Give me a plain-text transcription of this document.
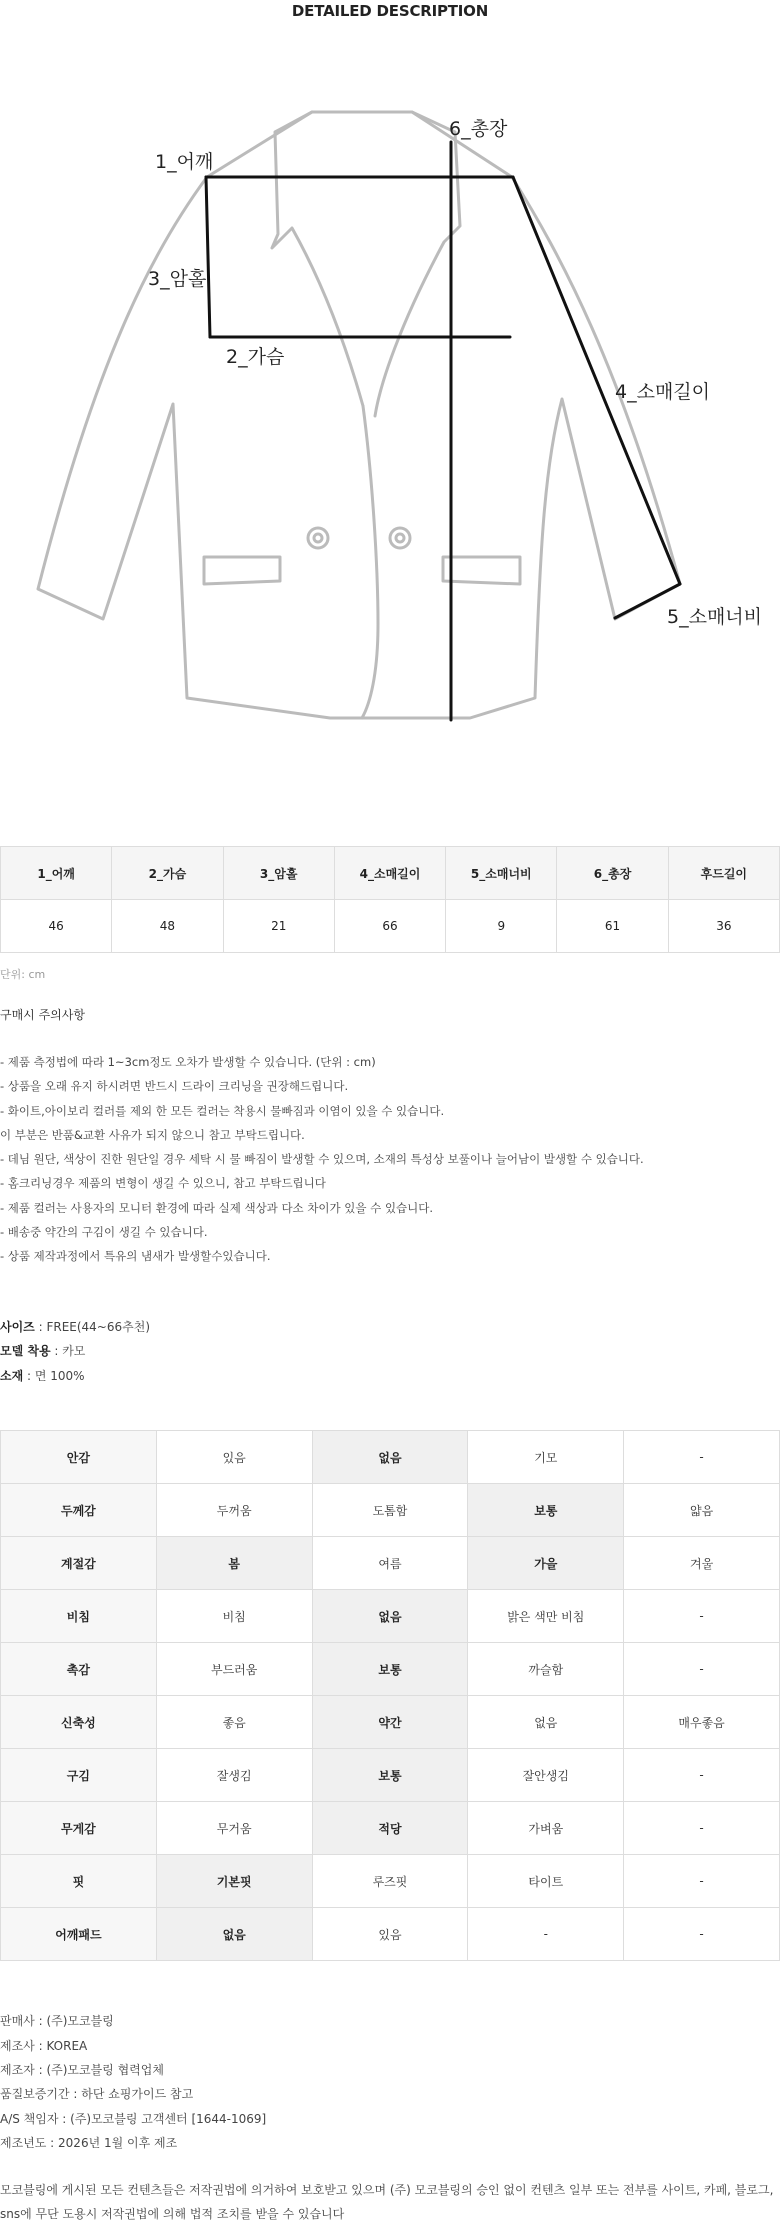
DETAILED DESCRIPTION
1_어깨
6_총장
3_암홀
2_가슴
4_소매길이
5_소매너비
1_어깨	2_가슴	3_암홀	4_소매길이	5_소매너비	6_총장	후드길이
46	48	21	66	9	61	36
단위: cm
구매시 주의사항
- 제품 측정법에 따라 1~3cm정도 오차가 발생할 수 있습니다. (단위 : cm)
- 상품을 오래 유지 하시려면 반드시 드라이 크리닝을 권장해드립니다.
- 화이트,아이보리 컬러를 제외 한 모든 컬러는 착용시 물빠짐과 이염이 있을 수 있습니다.
이 부분은 반품&교환 사유가 되지 않으니 참고 부탁드립니다.
- 데님 원단, 색상이 진한 원단일 경우 세탁 시 물 빠짐이 발생할 수 있으며, 소재의 특성상 보풀이나 늘어남이 발생할 수 있습니다.
- 홈크리닝경우 제품의 변형이 생길 수 있으니, 참고 부탁드립니다
- 제품 컬러는 사용자의 모니터 환경에 따라 실제 색상과 다소 차이가 있을 수 있습니다.
- 배송중 약간의 구김이 생길 수 있습니다.
- 상품 제작과정에서 특유의 냄새가 발생할수있습니다.
사이즈 : FREE(44~66추천)
모델 착용 : 카모
소재 : 면 100%
안감	있음	없음	기모	-
두께감	두꺼움	도톰함	보통	얇음
계절감	봄	여름	가을	겨울
비침	비침	없음	밝은 색만 비침	-
촉감	부드러움	보통	까슬함	-
신축성	좋음	약간	없음	매우좋음
구김	잘생김	보통	잘안생김	-
무게감	무거움	적당	가벼움	-
핏	기본핏	루즈핏	타이트	-
어깨패드	없음	있음	-	-
판매사 : (주)모코블링
제조사 : KOREA
제조자 : (주)모코블링 협력업체
품질보증기간 : 하단 쇼핑가이드 참고
A/S 책임자 : (주)모코블링 고객센터 [1644-1069]
제조년도 : 2026년 1월 이후 제조
모코블링에 게시된 모든 컨텐츠들은 저작권법에 의거하여 보호받고 있으며 (주) 모코블링의 승인 없이 컨텐츠 일부 또는 전부를 사이트, 카페, 블로그, sns에 무단 도용시 저작권법에 의해 법적 조치를 받을 수 있습니다
